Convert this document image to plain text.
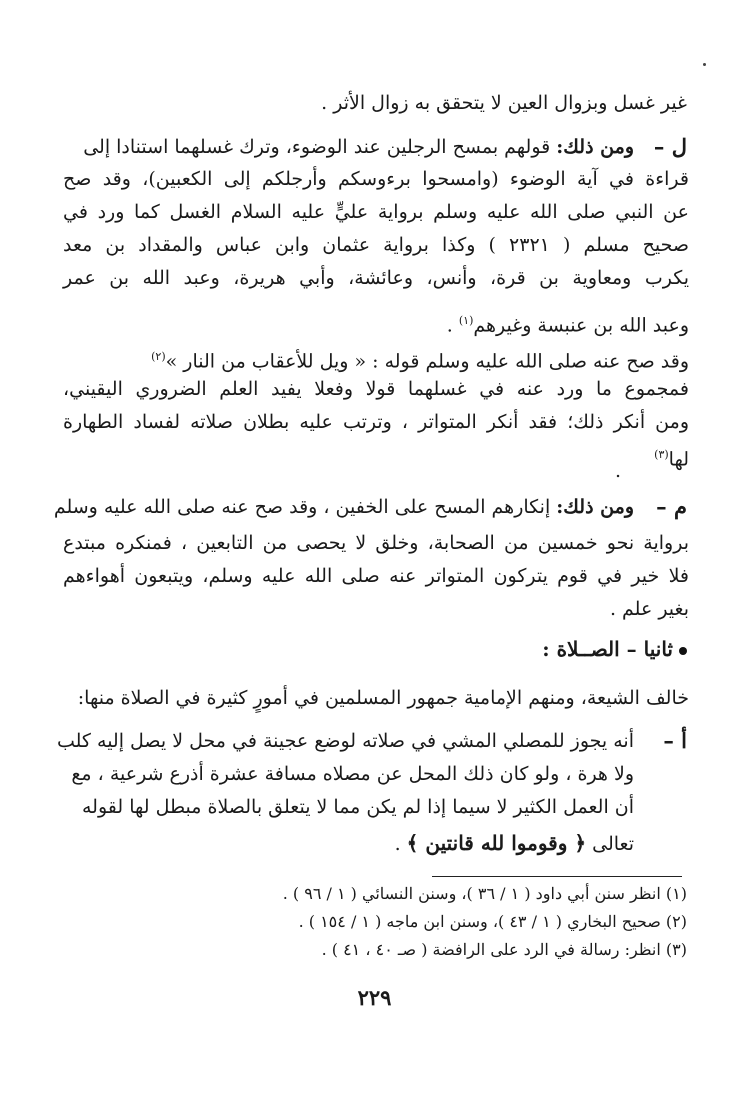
غير غسل وبزوال العين لا يتحقق به زوال الأثر .
ل –
ومن ذلك: قولهم بمسح الرجلين عند الوضوء، وترك غسلهما استنادا إلى
قراءة في آية الوضوء (وامسحوا برءوسكم وأرجلكم إلى الكعبين)، وقد صح
عن النبي صلى الله عليه وسلم برواية عليٍّ عليه السلام الغسل كما ورد في
صحيح مسلم ( ٢٣٢١ ) وكذا برواية عثمان وابن عباس والمقداد بن معد
يكرب ومعاوية بن قرة، وأنس، وعائشة، وأبي هريرة، وعبد الله بن عمر
وعبد الله بن عنبسة وغيرهم$^{(١)}$ .
وقد صح عنه صلى الله عليه وسلم قوله : « ويل للأعقاب من النار »$^{(٢)}$
فمجموع ما ورد عنه في غسلهما قولا وفعلا يفيد العلم الضروري اليقيني،
ومن أنكر ذلك؛ فقد أنكر المتواتر ، وترتب عليه بطلان صلاته لفساد الطهارة
لها$^{(٣)}$
.
م –
ومن ذلك: إنكارهم المسح على الخفين ، وقد صح عنه صلى الله عليه وسلم
برواية نحو خمسين من الصحابة، وخلق لا يحصى من التابعين ، فمنكره مبتدع
فلا خير في قوم يتركون المتواتر عنه صلى الله عليه وسلم، ويتبعون أهواءهم
بغير علم .
ثانيا – الصــلاة :
خالف الشيعة، ومنهم الإمامية جمهور المسلمين في أمورٍ كثيرة في الصلاة منها:
أ –
أنه يجوز للمصلي المشي في صلاته لوضع عجينة في محل لا يصل إليه كلب
ولا هرة ، ولو كان ذلك المحل عن مصلاه مسافة عشرة أذرع شرعية ، مع
أن العمل الكثير لا سيما إذا لم يكن مما لا يتعلق بالصلاة مبطل لها لقوله
تعالى ﴿ وقوموا لله قانتين ﴾ .
(١) انظر سنن أبي داود ( ١ / ٣٦ )، وسنن النسائي ( ١ / ٩٦ ) .
(٢) صحيح البخاري ( ١ / ٤٣ )، وسنن ابن ماجه ( ١ / ١٥٤ ) .
(٣) انظر: رسالة في الرد على الرافضة ( صـ ٤٠ ، ٤١ ) .
٢٢٩
